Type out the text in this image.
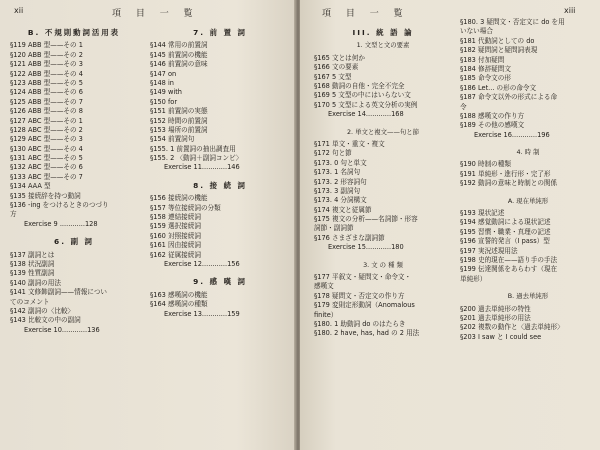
xii	項 目 一 覧
B. 不規則動詞活用表
§119 ABB 型——その 1
§120 ABB 型——その 2
§121 ABB 型——その 3
§122 ABB 型——その 4
§123 ABB 型——その 5
§124 ABB 型——その 6
§125 ABB 型——その 7
§126 ABB 型——その 8
§127 ABC 型——その 1
§128 ABC 型——その 2
§129 ABC 型——その 3
§130 ABC 型——その 4
§131 ABC 型——その 5
§132 ABC 型——その 6
§133 ABC 型——その 7
§134 AAA 型
§135 接続辞を持つ動詞
§136 -ing をつけるときのつづり
方
Exercise 9 ............128
6. 副 詞
§137 副詞とは
§138 状況副詞
§139 性質副詞
§140 副詞の用法
§141 文修飾副詞——情報につい
てのコメント
§142 副詞の〈比較〉
§143 比較文の中の副詞
Exercise 10............136
7. 前 置 詞
§144 常用の前置詞
§145 前置詞の機能
§146 前置詞の意味
§147 on
§148 in
§149 with
§150 for
§151 前置詞の実態
§152 時間の前置詞
§153 場所の前置詞
§154 前置詞句
§155. 1 前置詞の抽出調査用
§155. 2 〈動詞＋副詞コンビ〉
Exercise 11............146
8. 接 続 詞
§156 接続詞の機能
§157 等位接続詞の分類
§158 連結接続詞
§159 選択接続詞
§160 対照接続詞
§161 因由接続詞
§162 従属接続詞
Exercise 12............156
9. 感 嘆 詞
§163 感嘆詞の機能
§164 感嘆詞の種類
Exercise 13............159
項 目 一 覧	xiii
III. 統 語 論
1. 文型と文の要素
§165 文とは何か
§166 文の要素
§167 5 文型
§168 動詞の自他・完全不完全
§169 5 文型の中にはいらない文
§170 5 文型による英文分析の実例
Exercise 14............168
2. 単文と複文——句と節
§171 単文・重文・複文
§172 句と節
§173. 0 句と単文
§173. 1 名詞句
§173. 2 形容詞句
§173. 3 副詞句
§173. 4 分詞構文
§174 複文と従属節
§175 複文の分析——名詞節・形容
詞節・副詞節
§176 さまざまな副詞節
Exercise 15............180
3. 文 の 種 類
§177 平叙文・疑問文・命令文・
感嘆文
§178 疑問文・否定文の作り方
§179 変則定形動詞（Anomalous
finite）
§180. 1 助動詞 do のはたらき
§180. 2 have, has, had の 2 用法
§180. 3 疑問文・否定文に do を用
いない場合
§181 代動詞としての do
§182 疑問詞と疑問詞表現
§183 付加疑問
§184 修辞疑問文
§185 命令文の形
§186 Let... の形の命令文
§187 命令文以外の形式による命
令
§188 感嘆文の作り方
§189 その他の感嘆文
Exercise 16............196
4. 時 制
§190 時制の種類
§191 単純形・進行形・完了形
§192 動詞の意味と時制との関係
A. 現在単純形
§193 現状記述
§194 感覚動詞による現状記述
§195 習慣・職業・真理の記述
§196 宣誓的発言（I pass）型
§197 実況述現用法
§198 史的現在——語り手の手法
§199 伝達関係をあらわす（現在
単純形）
B. 過去単純形
§200 過去単純形の特性
§201 過去単純形の用法
§202 複数の動作と〈過去単純形〉
§203 I saw と I could see
